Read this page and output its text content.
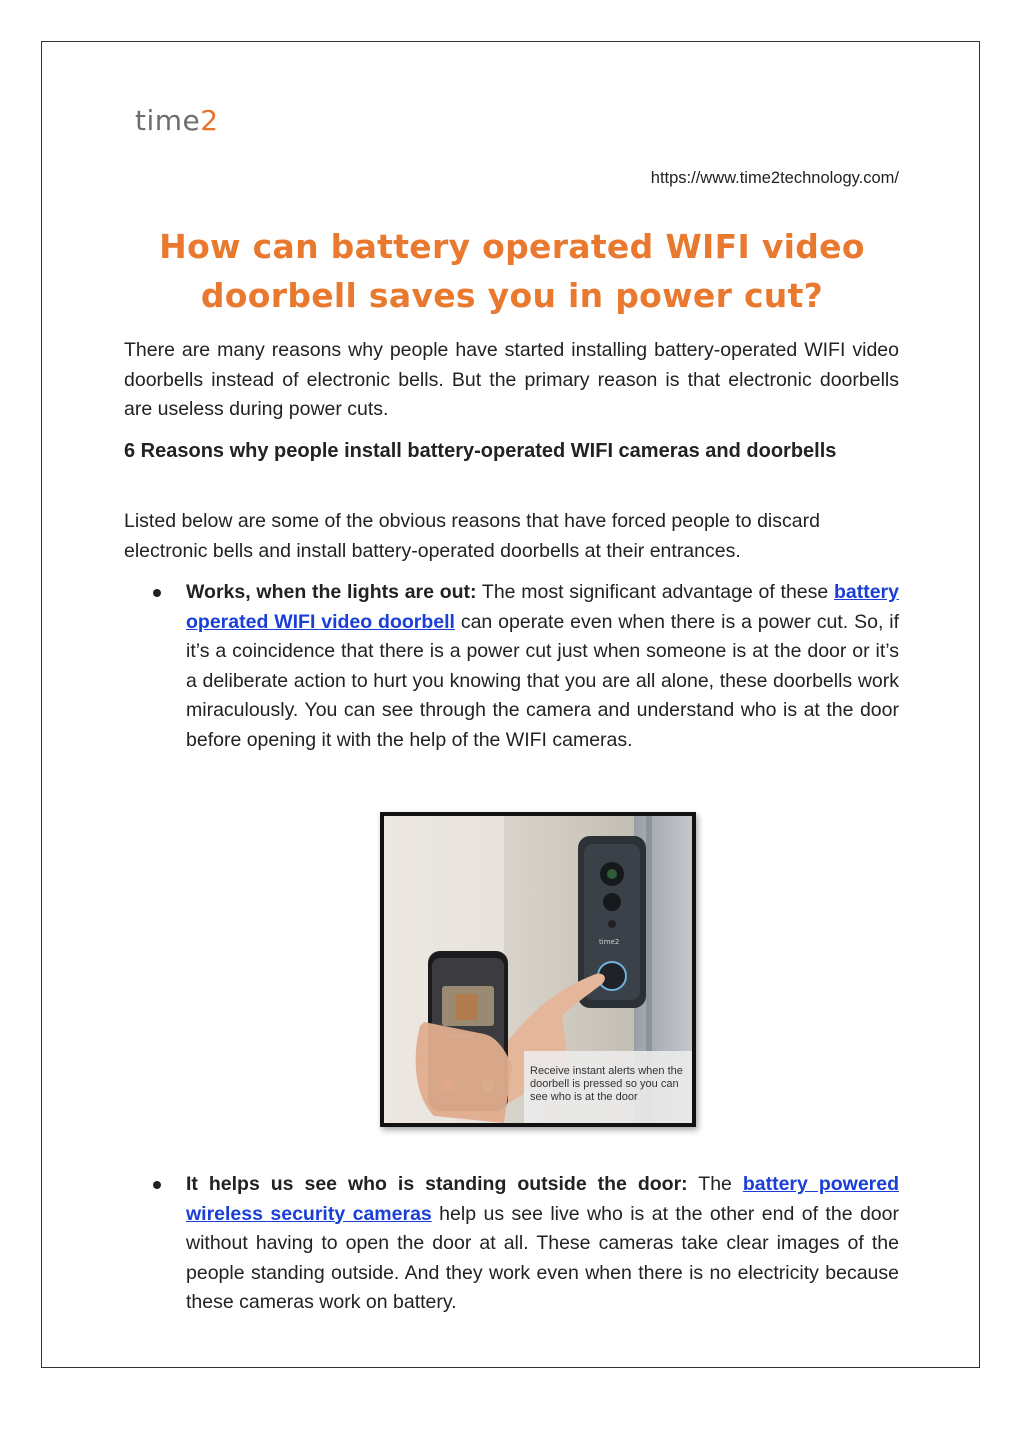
time2
https://www.time2technology.com/
How can battery operated WIFI video doorbell saves you in power cut?

There are many reasons why people have started installing battery-operated WIFI video doorbells instead of electronic bells. But the primary reason is that electronic doorbells are useless during power cuts.

6 Reasons why people install battery-operated WIFI cameras and doorbells

Listed below are some of the obvious reasons that have forced people to discard electronic bells and install battery-operated doorbells at their entrances.

Works, when the lights are out: The most significant advantage of these battery operated WIFI video doorbell can operate even when there is a power cut. So, if it’s a coincidence that there is a power cut just when someone is at the door or it’s a deliberate action to hurt you knowing that you are all alone, these doorbells work miraculously. You can see through the camera and understand who is at the door before opening it with the help of the WIFI cameras.
time2
Receive instant alerts when the doorbell is pressed so you can see who is at the door
It helps us see who is standing outside the door: The battery powered wireless security cameras help us see live who is at the other end of the door without having to open the door at all. These cameras take clear images of the people standing outside. And they work even when there is no electricity because these cameras work on battery.
